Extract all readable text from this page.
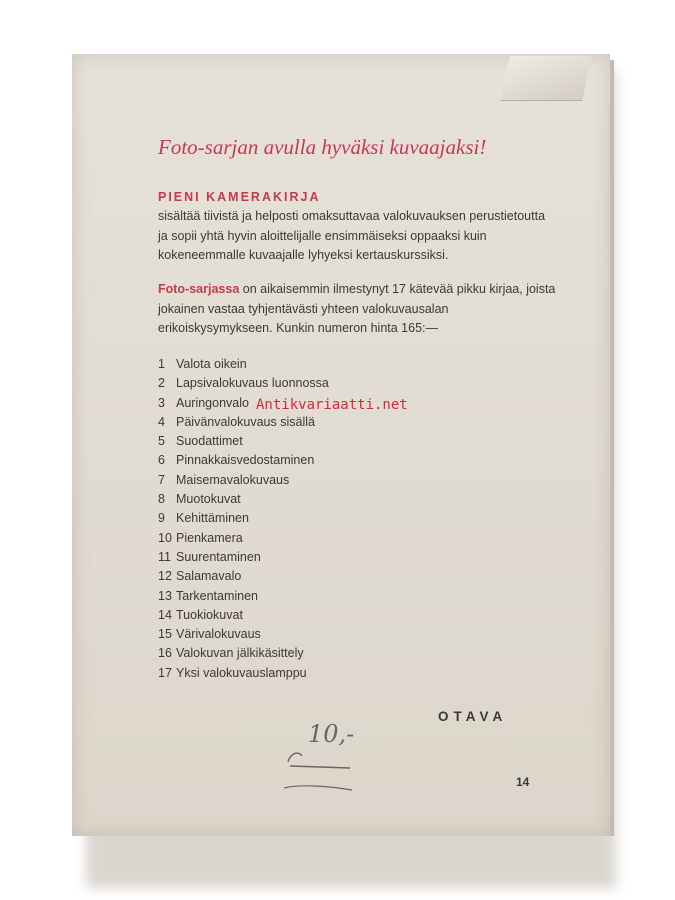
Foto-sarjan avulla hyväksi kuvaajaksi!
PIENI KAMERAKIRJA
sisältää tiivistä ja helposti omaksuttavaa valokuvauksen perustietoutta ja sopii yhtä hyvin aloittelijalle ensimmäiseksi oppaaksi kuin kokeneemmalle kuvaajalle lyhyeksi kertauskurssiksi.
Foto-sarjassa on aikaisemmin ilmestynyt 17 kätevää pikku kirjaa, joista jokainen vastaa tyhjentävästi yhteen valokuvausalan erikoiskysymykseen. Kunkin numeron hinta 165:—
1 Valota oikein
2 Lapsivalokuvaus luonnossa
3 Auringonvalo
4 Päivänvalokuvaus sisällä
5 Suodattimet
6 Pinnakkaisvedostaminen
7 Maisemavalokuvaus
8 Muotokuvat
9 Kehittäminen
10 Pienkamera
11 Suurentaminen
12 Salamavalo
13 Tarkentaminen
14 Tuokiokuvat
15 Värivalokuvaus
16 Valokuvan jälkikäsittely
17 Yksi valokuvauslamppu
OTAVA
14
10,-
Antikvariaatti.net
